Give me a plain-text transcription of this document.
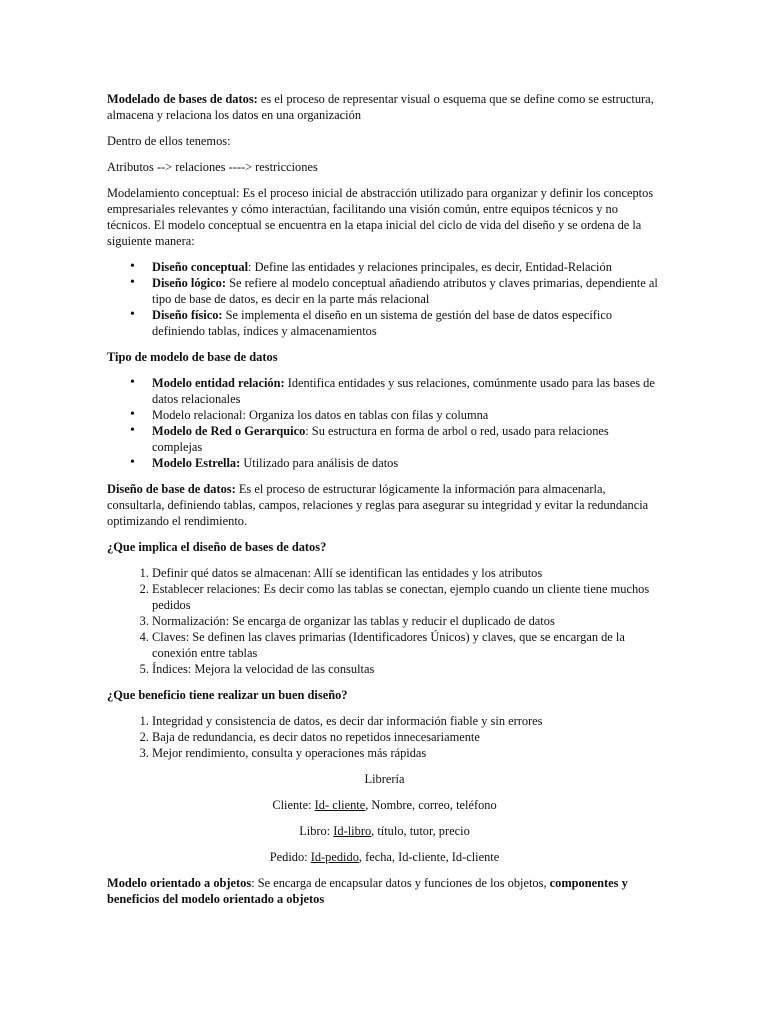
Modelado de bases de datos: es el proceso de representar visual o esquema que se define como se estructura, almacena y relaciona los datos en una organización

Dentro de ellos tenemos:

Atributos --> relaciones ----> restricciones

Modelamiento conceptual: Es el proceso inicial de abstracción utilizado para organizar y definir los conceptos empresariales relevantes y cómo interactúan, facilitando una visión común, entre equipos técnicos y no técnicos. El modelo conceptual se encuentra en la etapa inicial del ciclo de vida del diseño y se ordena de la siguiente manera:

• Diseño conceptual: Define las entidades y relaciones principales, es decir, Entidad-Relación
• Diseño lógico: Se refiere al modelo conceptual añadiendo atributos y claves primarias, dependiente al tipo de base de datos, es decir en la parte más relacional
• Diseño físico: Se implementa el diseño en un sistema de gestión del base de datos específico definiendo tablas, índices y almacenamientos

Tipo de modelo de base de datos

• Modelo entidad relación: Identifica entidades y sus relaciones, comúnmente usado para las bases de datos relacionales
• Modelo relacional: Organiza los datos en tablas con filas y columna
• Modelo de Red o Gerarquico: Su estructura en forma de arbol o red, usado para relaciones complejas
• Modelo Estrella: Utilizado para análisis de datos

Diseño de base de datos: Es el proceso de estructurar lógicamente la información para almacenarla, consultarla, definiendo tablas, campos, relaciones y reglas para asegurar su integridad y evitar la redundancia optimizando el rendimiento.

¿Que implica el diseño de bases de datos?

1. Definir qué datos se almacenan: Allí se identifican las entidades y los atributos
2. Establecer relaciones: Es decir como las tablas se conectan, ejemplo cuando un cliente tiene muchos pedidos
3. Normalización: Se encarga de organizar las tablas y reducir el duplicado de datos
4. Claves: Se definen las claves primarias (Identificadores Únicos) y claves, que se encargan de la conexión entre tablas
5. Índices: Mejora la velocidad de las consultas

¿Que beneficio tiene realizar un buen diseño?

1. Integridad y consistencia de datos, es decir dar información fiable y sin errores
2. Baja de redundancia, es decir datos no repetidos innecesariamente
3. Mejor rendimiento, consulta y operaciones más rápidas

Librería

Cliente: Id- cliente, Nombre, correo, teléfono

Libro: Id-libro, título, tutor, precio

Pedido: Id-pedido, fecha, Id-cliente, Id-cliente

Modelo orientado a objetos: Se encarga de encapsular datos y funciones de los objetos, componentes y beneficios del modelo orientado a objetos
